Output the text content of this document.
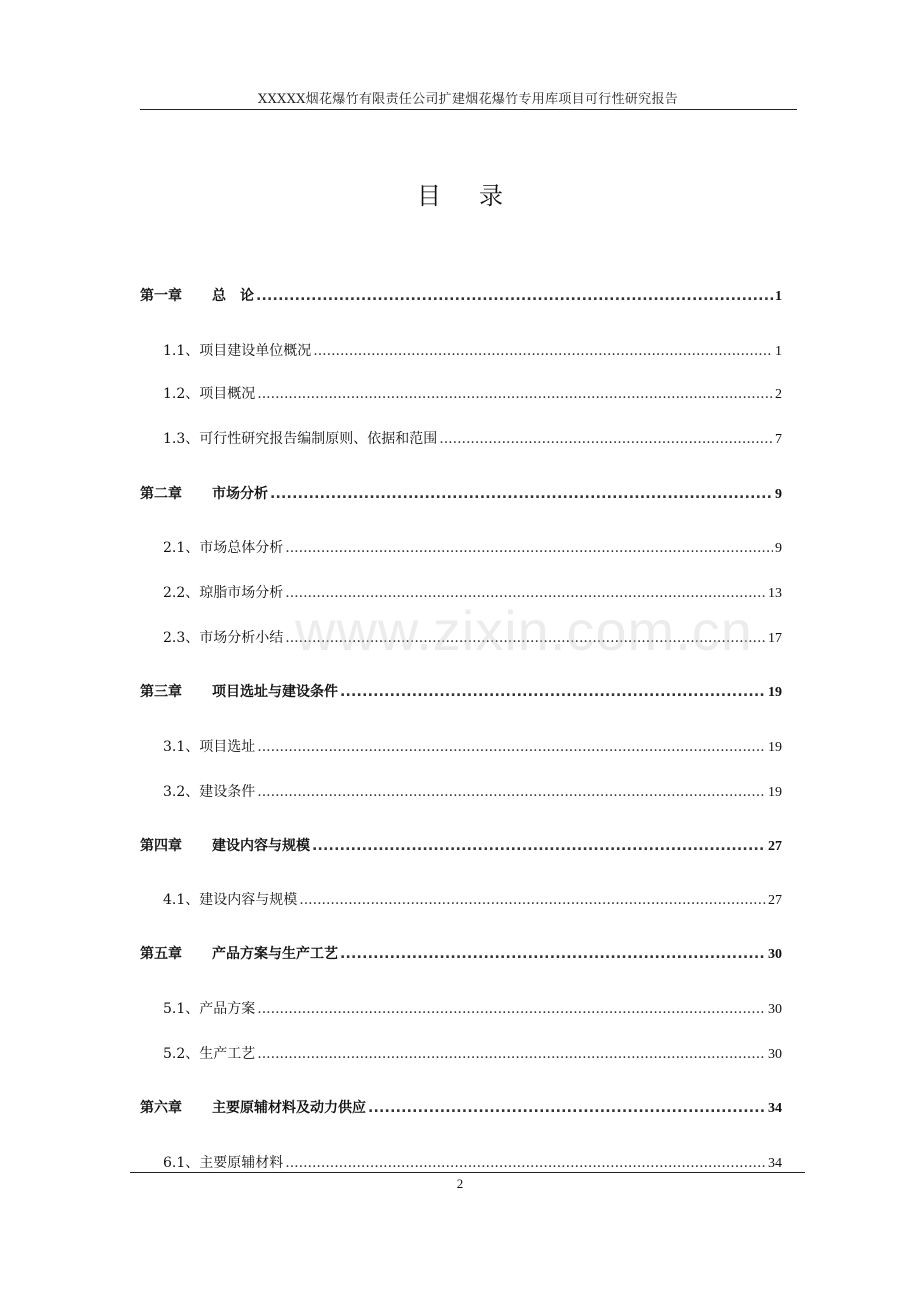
XXXXX烟花爆竹有限责任公司扩建烟花爆竹专用库项目可行性研究报告
目录
第一章	总　论 .....	1
1.1、项目建设单位概况 .....	1
1.2、项目概况 .....	2
1.3、可行性研究报告编制原则、依据和范围 .....	7
第二章	市场分析 .....	9
2.1、市场总体分析 .....	9
2.2、琼脂市场分析 .....	13
2.3、市场分析小结 .....	17
第三章	项目选址与建设条件 .....	19
3.1、项目选址 .....	19
3.2、建设条件 .....	19
第四章	建设内容与规模 .....	27
4.1、建设内容与规模 .....	27
第五章	产品方案与生产工艺 .....	30
5.1、产品方案 .....	30
5.2、生产工艺 .....	30
第六章	主要原辅材料及动力供应 .....	34
6.1、主要原辅材料 .....	34
www.zixin.com.cn
2
